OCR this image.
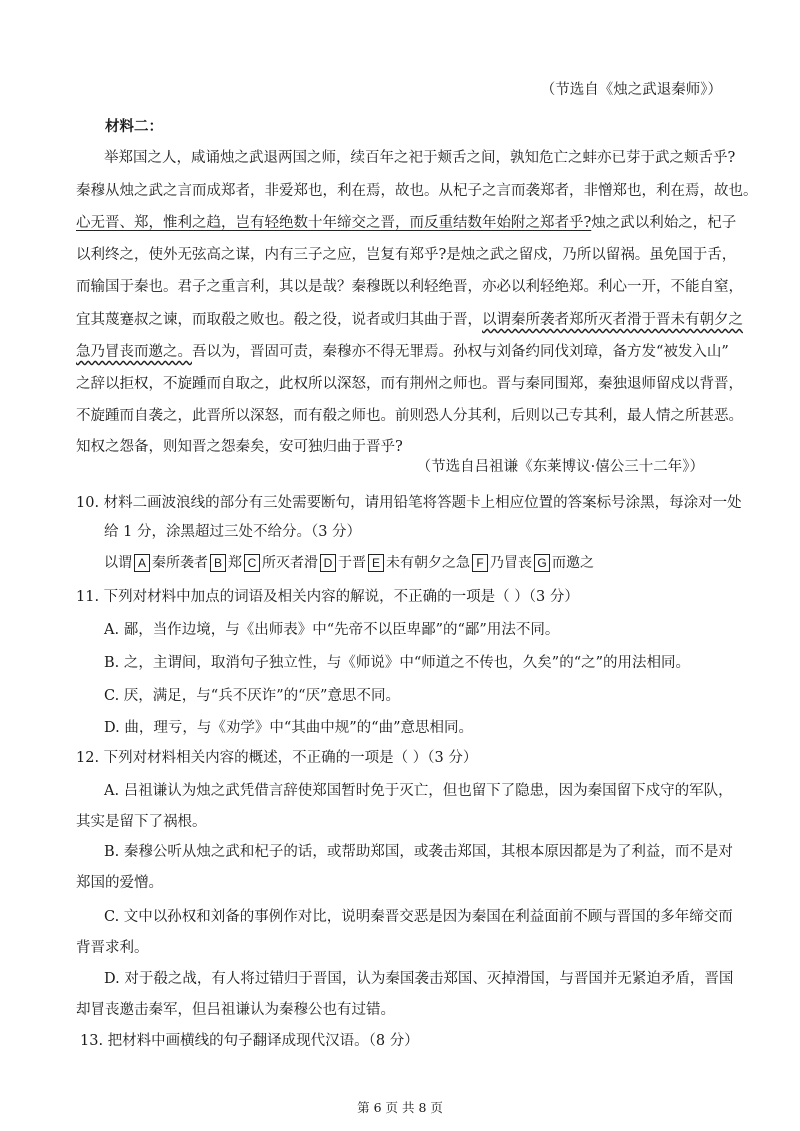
（节选自《烛之武退秦师》）
材料二：
举郑国之人，咸诵烛之武退两国之师，续百年之祀于颊舌之间，孰知危亡之蚌亦已芽于武之颊舌乎?
秦穆从烛之武之言而成郑者，非爱郑也，利在焉，故也。从杞子之言而袭郑者，非憎郑也，利在焉，故也。
心无晋、郑，惟利之趋，岂有轻绝数十年缔交之晋，而反重结数年始附之郑者乎?烛之武以利始之，杞子
以利终之，使外无弦高之谋，内有三子之应，岂复有郑乎?是烛之武之留戍，乃所以留祸。虽免国于舌，
而输国于秦也。君子之重言利，其以是哉？秦穆既以利轻绝晋，亦必以利轻绝郑。利心一开，不能自窒，
宜其蔑蹇叔之谏，而取殽之败也。殽之役，说者或归其曲于晋，以谓秦所袭者郑所灭者滑于晋未有朝夕之
急乃冒丧而邀之。吾以为，晋固可责，秦穆亦不得无罪焉。孙权与刘备约同伐刘璋，备方发“被发入山”
之辞以拒权，不旋踵而自取之，此权所以深怒，而有荆州之师也。晋与秦同围郑，秦独退师留戍以背晋，
不旋踵而自袭之，此晋所以深怒，而有殽之师也。前则恐人分其利，后则以己专其利，最人情之所甚恶。
知权之怨备，则知晋之怨秦矣，安可独归曲于晋乎?
（节选自吕祖谦《东莱博议·僖公三十二年》）
10. 材料二画波浪线的部分有三处需要断句，请用铅笔将答题卡上相应位置的答案标号涂黑，每涂对一处
给 1 分，涂黑超过三处不给分。（3 分）
以谓 A 秦所袭者 B 郑 C 所灭者滑 D 于晋 E 未有朝夕之急 F 乃冒丧 G 而邀之
11. 下列对材料中加点的词语及相关内容的解说，不正确的一项是（ ）（3 分）
A. 鄙，当作边境，与《出师表》中“先帝不以臣卑鄙”的“鄙”用法不同。
B. 之，主谓间，取消句子独立性，与《师说》中“师道之不传也，久矣”的“之”的用法相同。
C. 厌，满足，与“兵不厌诈”的“厌”意思不同。
D. 曲，理亏，与《劝学》中“其曲中规”的“曲”意思相同。
12. 下列对材料相关内容的概述，不正确的一项是（ ）（3 分）
A. 吕祖谦认为烛之武凭借言辞使郑国暂时免于灭亡，但也留下了隐患，因为秦国留下戍守的军队，
其实是留下了祸根。
B. 秦穆公听从烛之武和杞子的话，或帮助郑国，或袭击郑国，其根本原因都是为了利益，而不是对
郑国的爱憎。
C. 文中以孙权和刘备的事例作对比，说明秦晋交恶是因为秦国在利益面前不顾与晋国的多年缔交而
背晋求利。
D. 对于殽之战，有人将过错归于晋国，认为秦国袭击郑国、灭掉滑国，与晋国并无紧迫矛盾，晋国
却冒丧邀击秦军，但吕祖谦认为秦穆公也有过错。
13. 把材料中画横线的句子翻译成现代汉语。（8 分）
第 6 页 共 8 页
